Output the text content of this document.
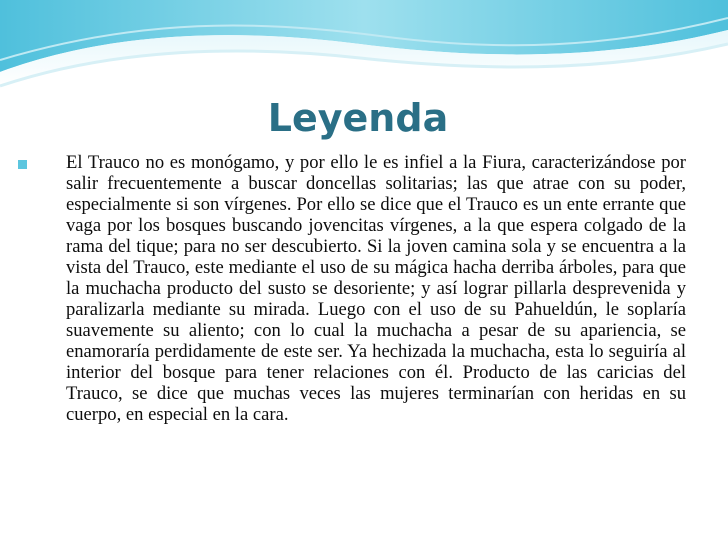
Leyenda

El Trauco no es monógamo, y por ello le es infiel a la Fiura, caracterizándose por salir frecuentemente a buscar doncellas solitarias; las que atrae con su poder, especialmente si son vírgenes. Por ello se dice que el Trauco es un ente errante que vaga por los bosques buscando jovencitas vírgenes, a la que espera colgado de la rama del tique; para no ser descubierto. Si la joven camina sola y se encuentra a la vista del Trauco, este mediante el uso de su mágica hacha derriba árboles, para que la muchacha producto del susto se desoriente; y así lograr pillarla desprevenida y paralizarla mediante su mirada. Luego con el uso de su Pahueldún, le soplaría suavemente su aliento; con lo cual la muchacha a pesar de su apariencia, se enamoraría perdidamente de este ser. Ya hechizada la muchacha, esta lo seguiría al interior del bosque para tener relaciones con él. Producto de las caricias del Trauco, se dice que muchas veces las mujeres terminarían con heridas en su cuerpo, en especial en la cara.
